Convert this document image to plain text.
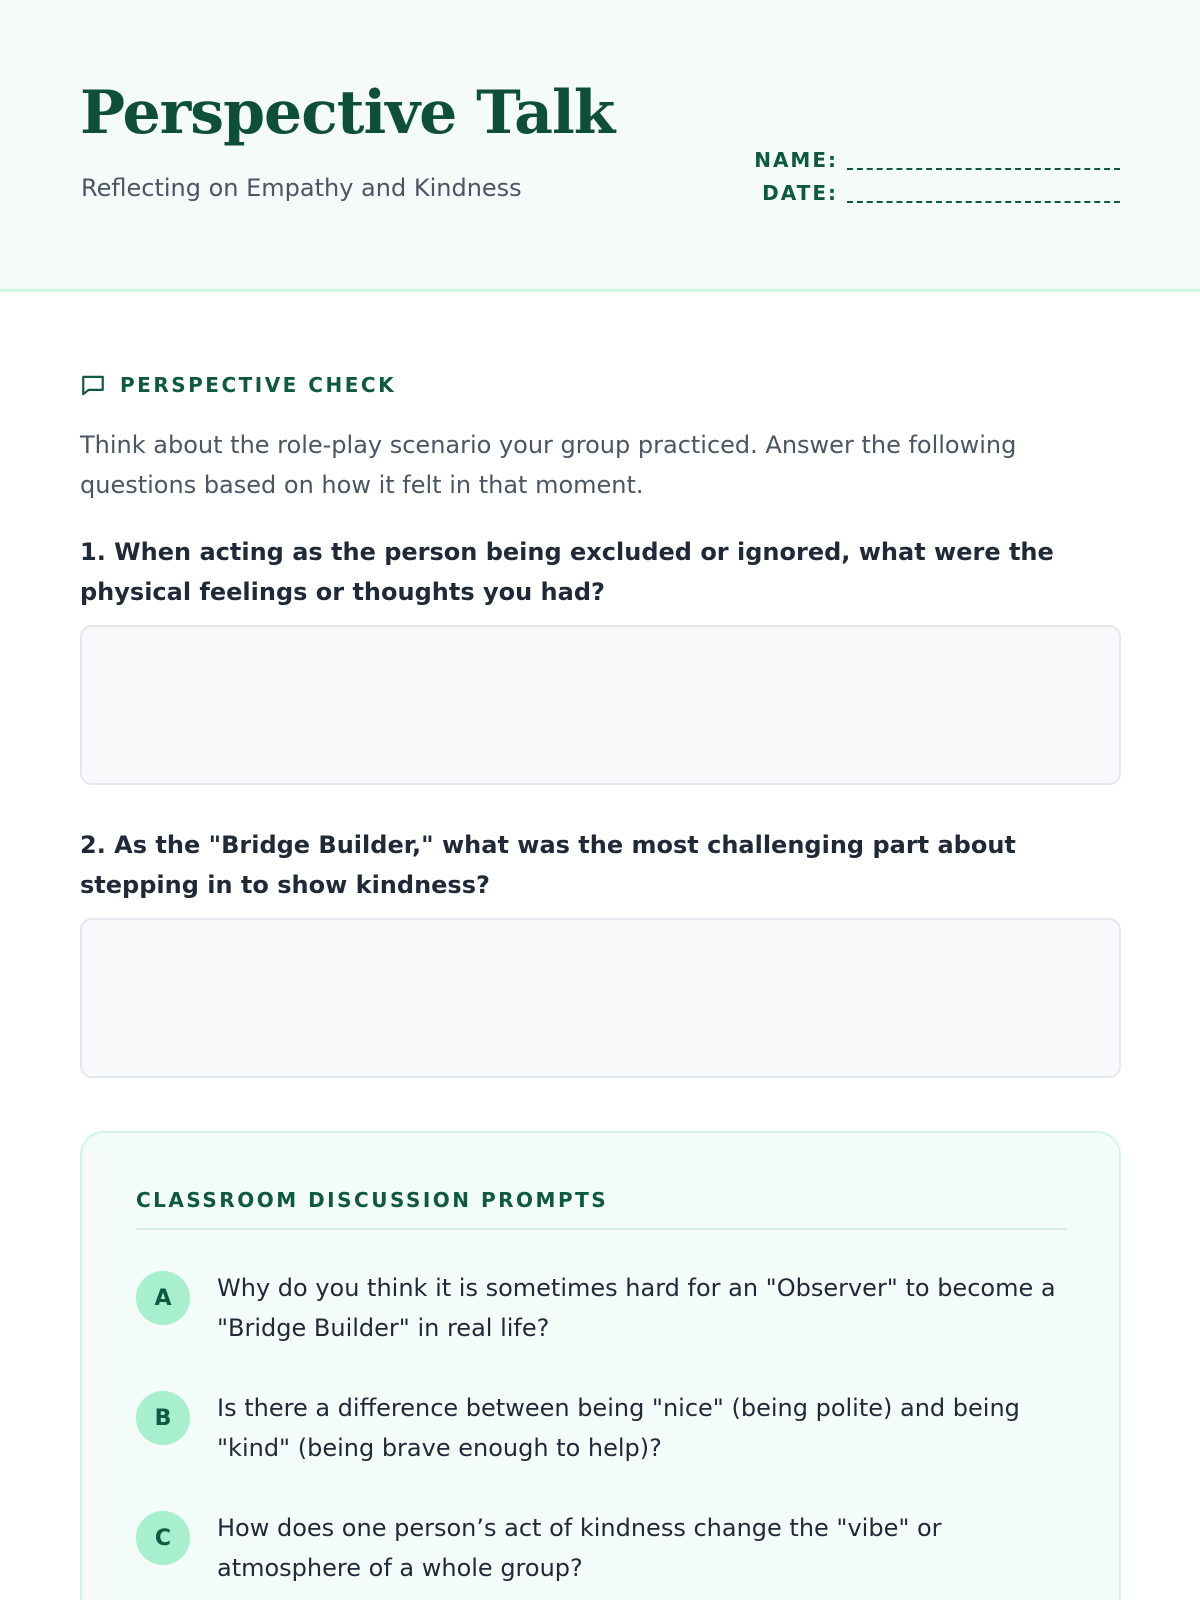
Perspective Talk
Reflecting on Empathy and Kindness
NAME:
DATE:
PERSPECTIVE CHECK

Think about the role-play scenario your group practiced. Answer the following questions based on how it felt in that moment.

1. When acting as the person being excluded or ignored, what were the physical feelings or thoughts you had?

2. As the "Bridge Builder," what was the most challenging part about stepping in to show kindness?

CLASSROOM DISCUSSION PROMPTS
A	Why do you think it is sometimes hard for an "Observer" to become a "Bridge Builder" in real life?
B	Is there a difference between being "nice" (being polite) and being "kind" (being brave enough to help)?
C	How does one person’s act of kindness change the "vibe" or atmosphere of a whole group?
